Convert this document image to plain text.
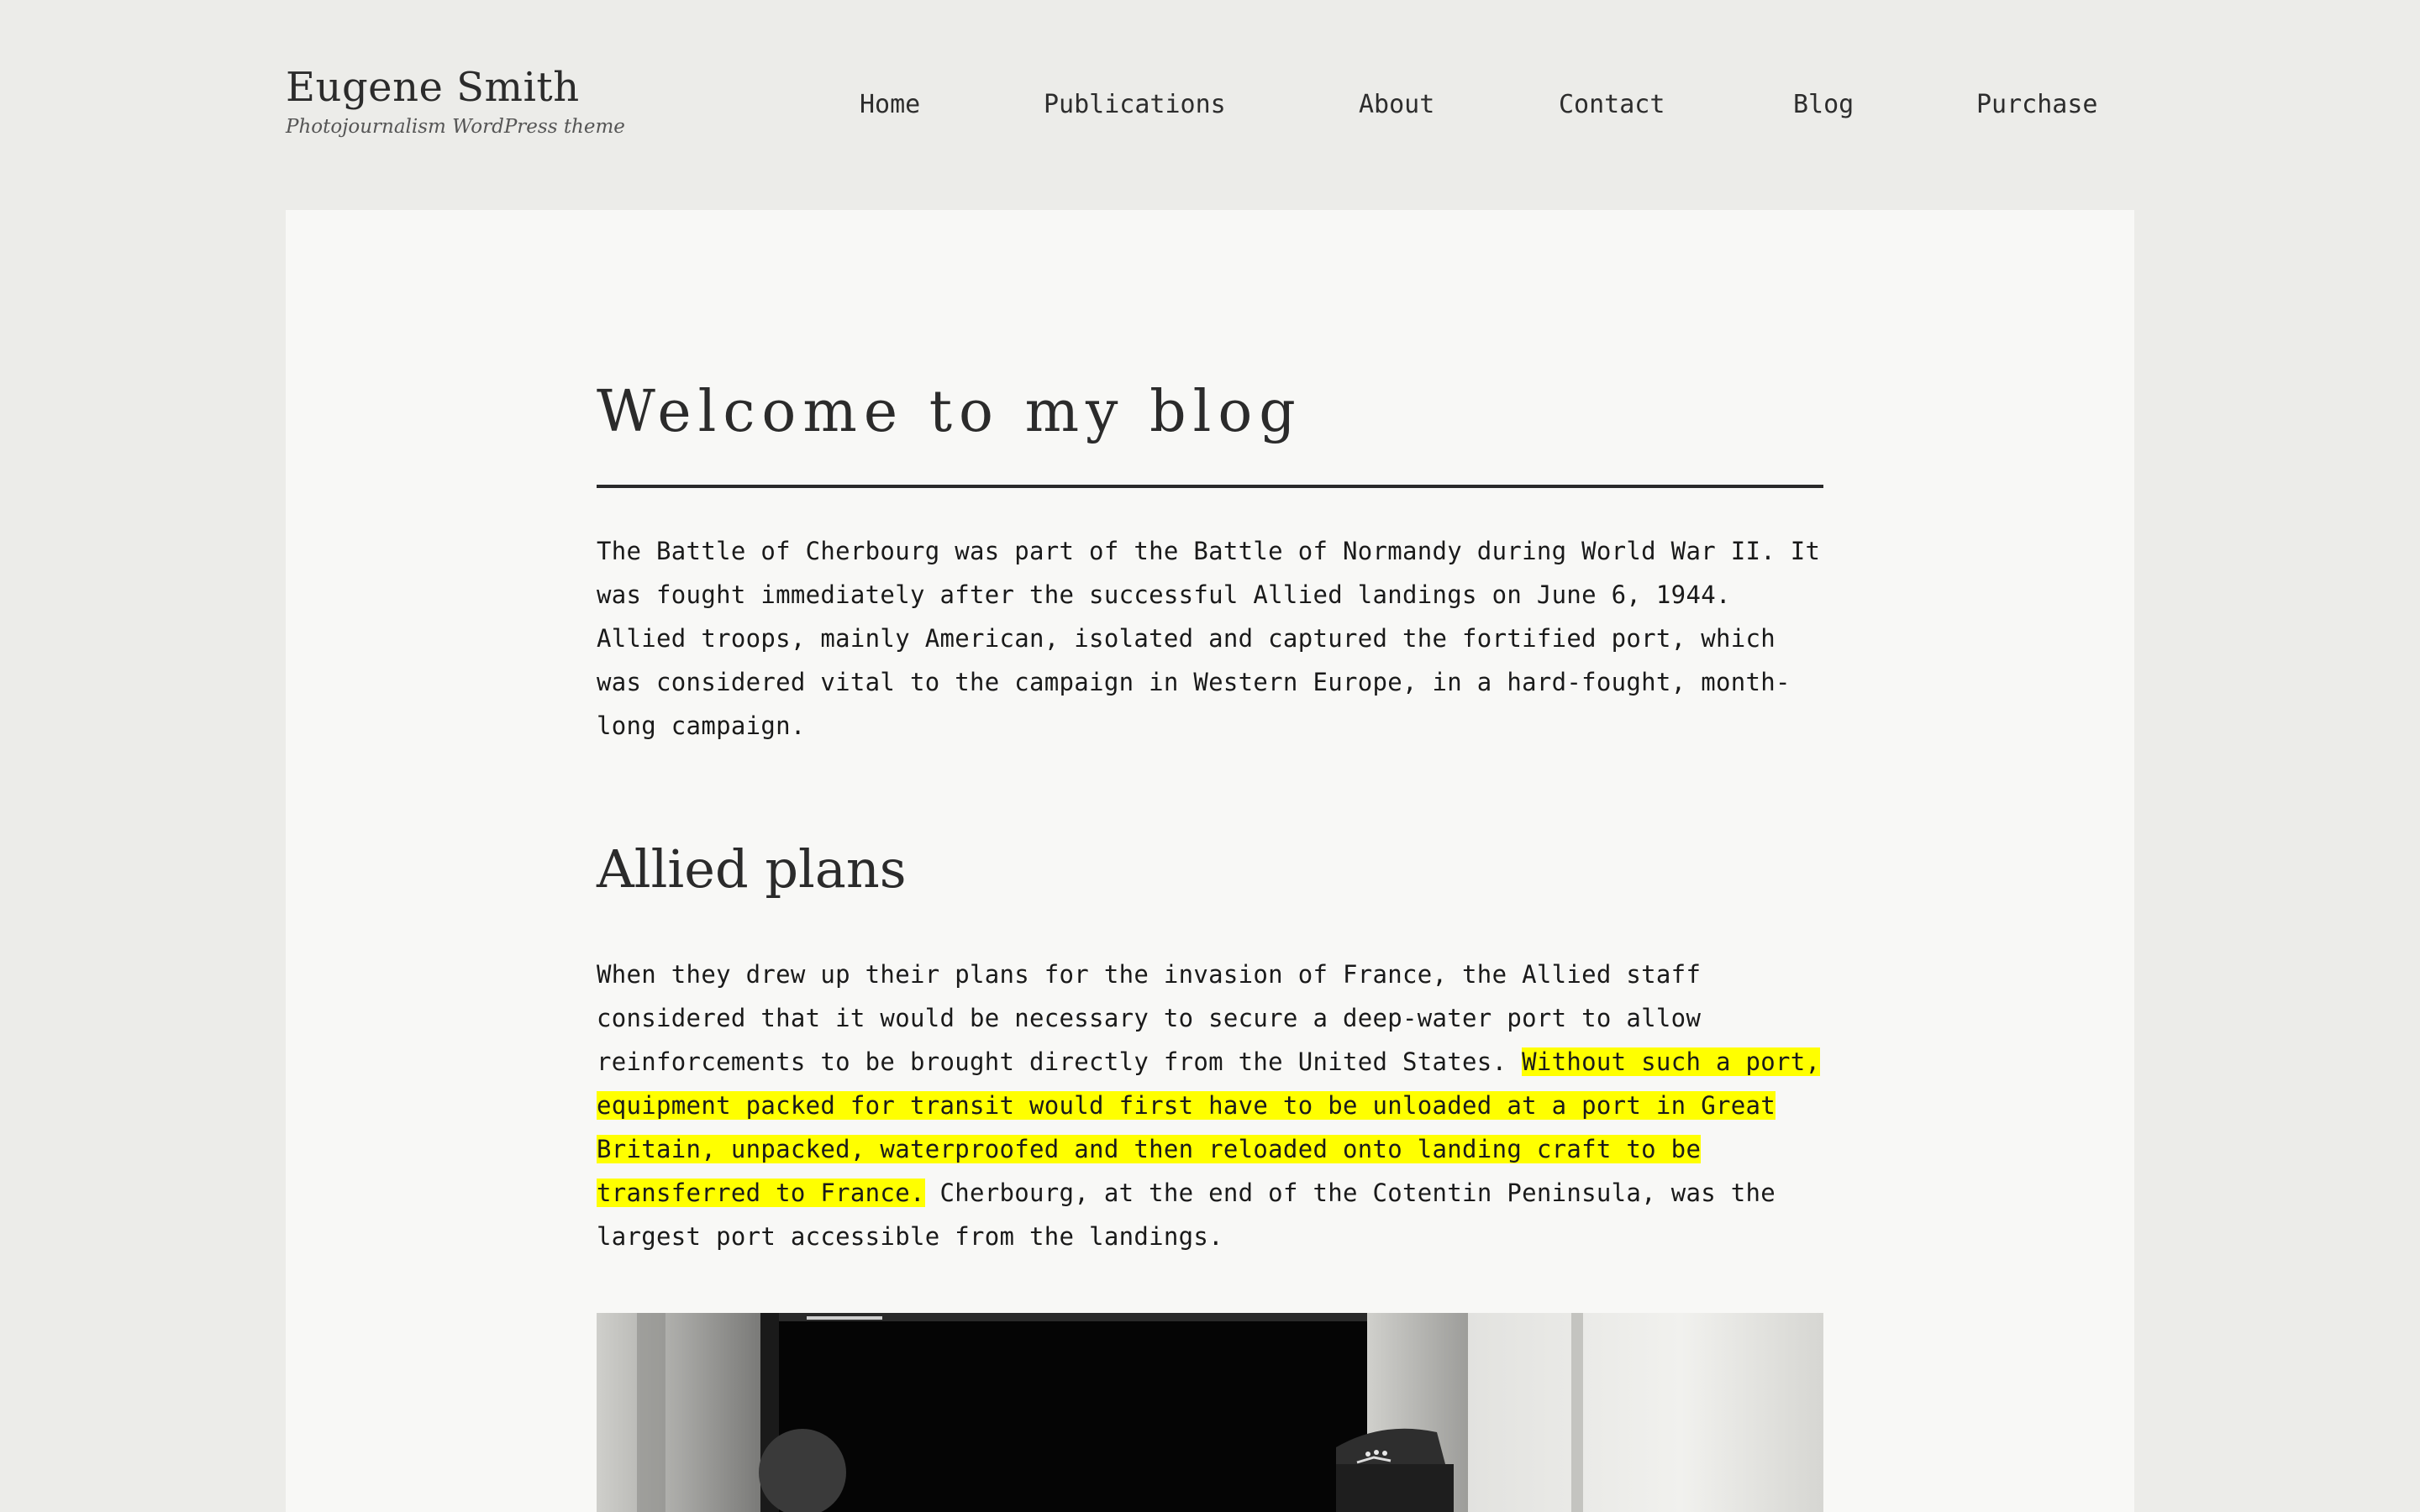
Eugene Smith
Photojournalism WordPress theme
Home	Publications	About	Contact	Blog	Purchase
Welcome to my blog

The Battle of Cherbourg was part of the Battle of Normandy during World War II. It was fought immediately after the successful Allied landings on June 6, 1944. Allied troops, mainly American, isolated and captured the fortified port, which was considered vital to the campaign in Western Europe, in a hard-fought, month-long campaign.

Allied plans

When they drew up their plans for the invasion of France, the Allied staff considered that it would be necessary to secure a deep-water port to allow reinforcements to be brought directly from the United States. Without such a port, equipment packed for transit would first have to be unloaded at a port in Great Britain, unpacked, waterproofed and then reloaded onto landing craft to be transferred to France. Cherbourg, at the end of the Cotentin Peninsula, was the largest port accessible from the landings.
